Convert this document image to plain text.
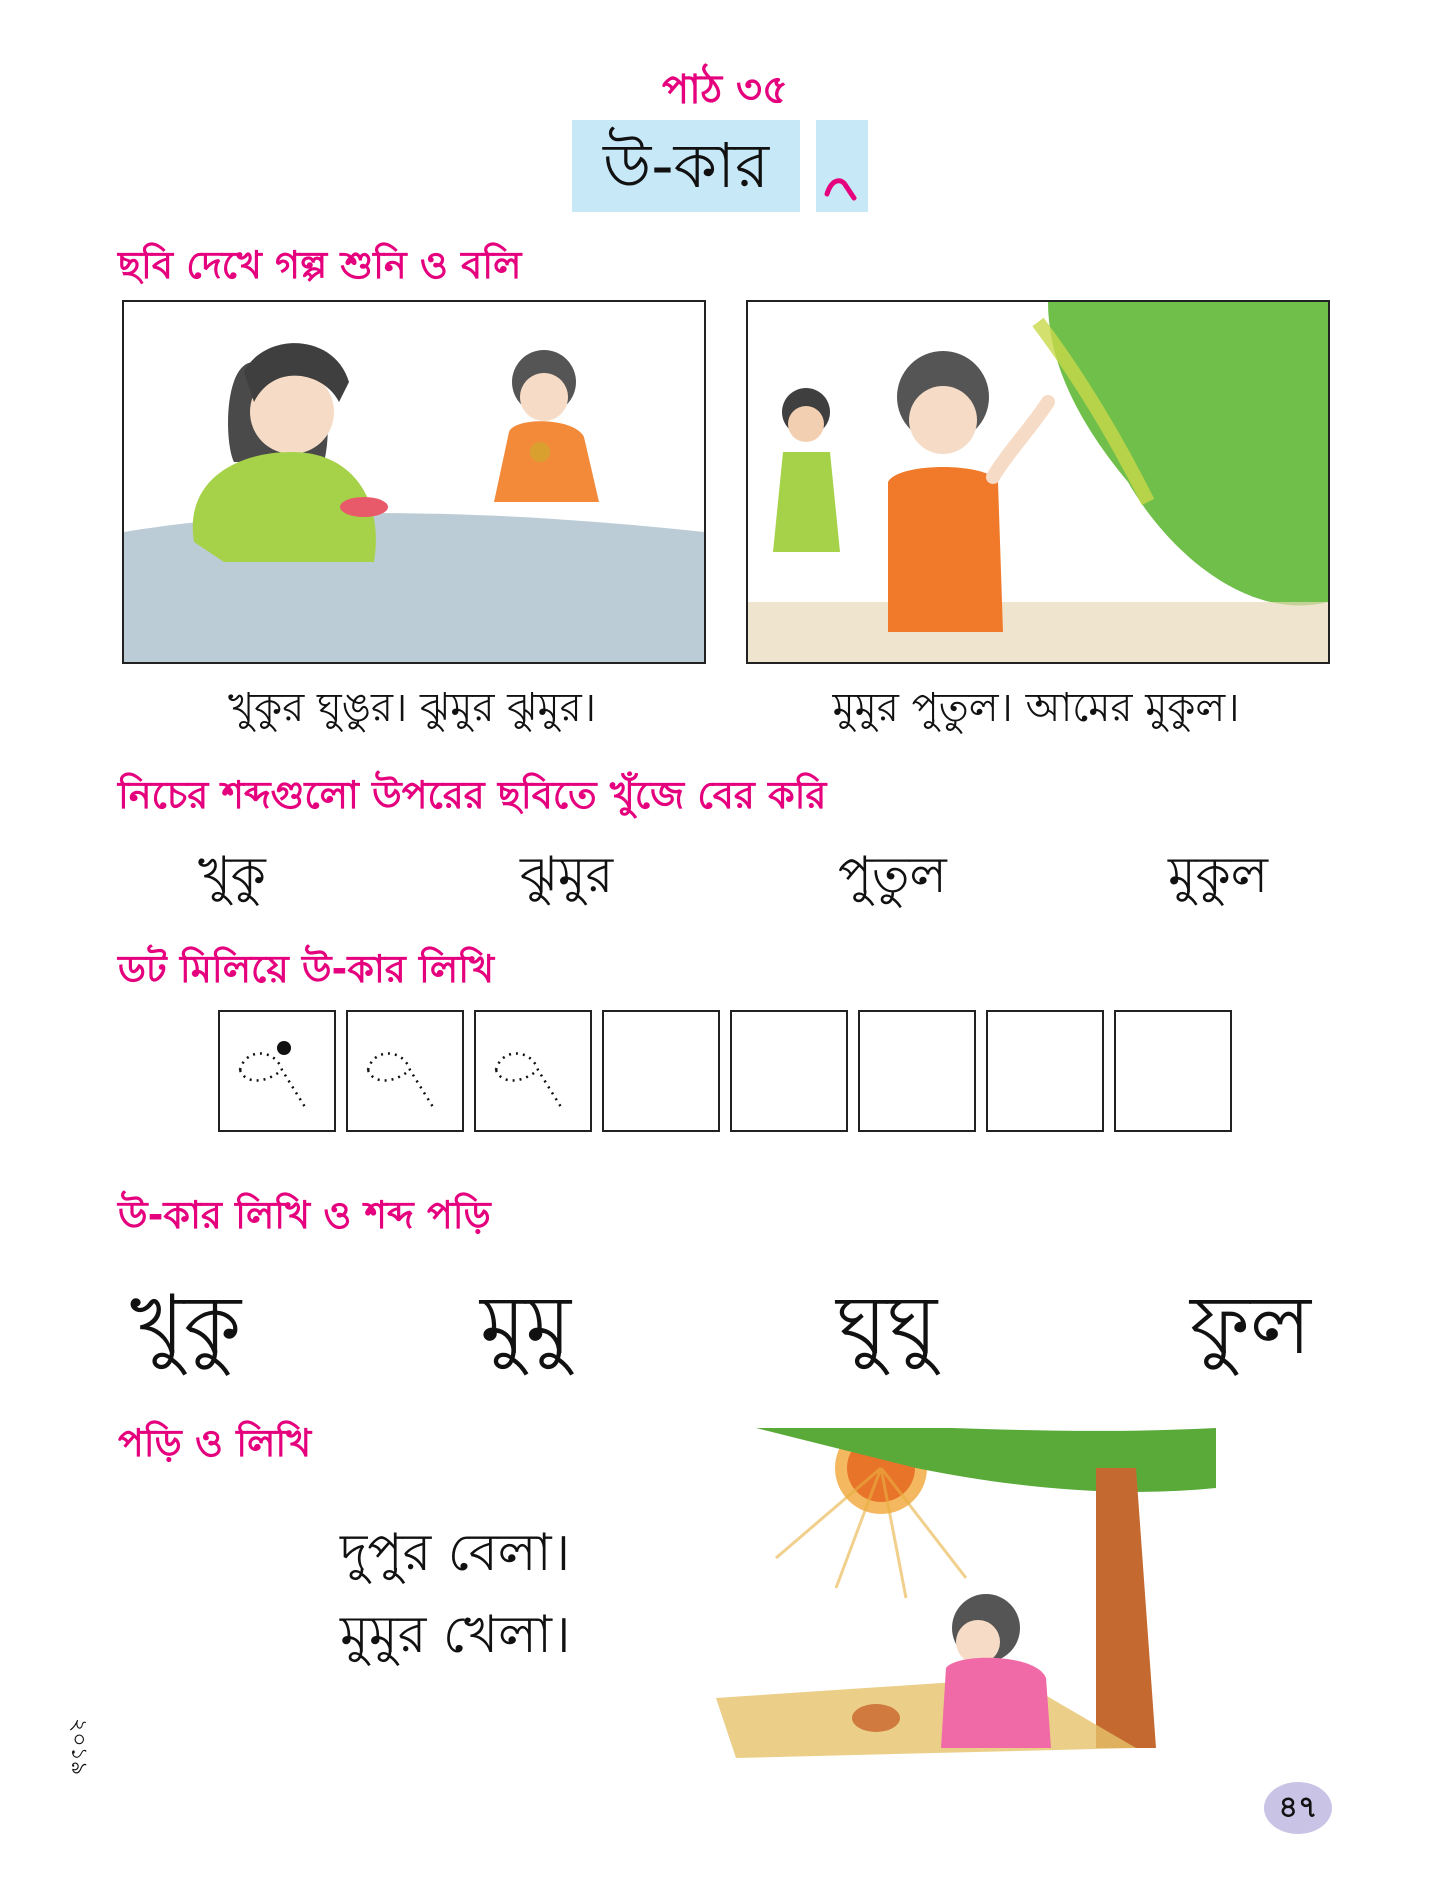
পাঠ ৩৫
উ-কার
ছবি দেখে গল্প শুনি ও বলি
খুকুর ঘুঙুর। ঝুমুর ঝুমুর।	মুমুর পুতুল। আমের মুকুল।
নিচের শব্দগুলো উপরের ছবিতে খুঁজে বের করি
খুকু	ঝুমুর	পুতুল	মুকুল
ডট মিলিয়ে উ-কার লিখি
উ-কার লিখি ও শব্দ পড়ি
খুকু	মুমু	ঘুঘু	ফুল
পড়ি ও লিখি
দুপুর বেলা।
মুমুর খেলা।
২০১৯
৪৭
